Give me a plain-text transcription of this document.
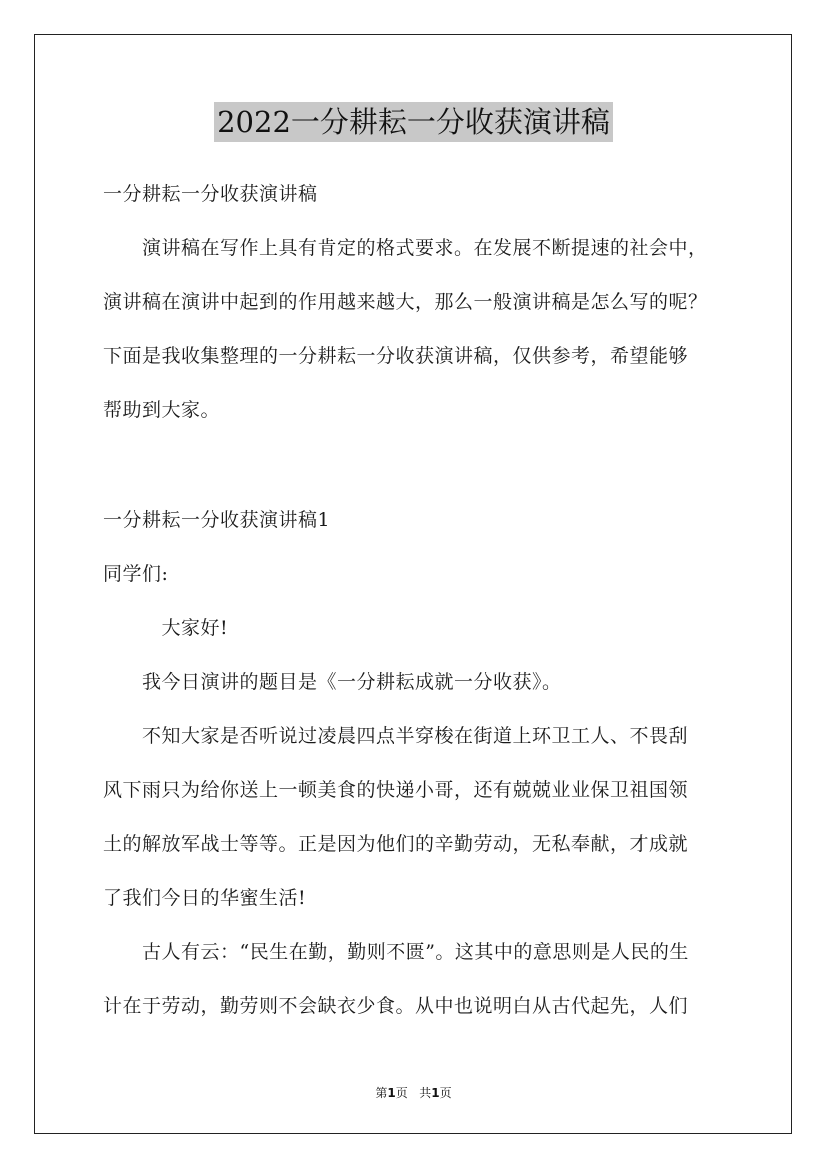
2022一分耕耘一分收获演讲稿
一分耕耘一分收获演讲稿
　　演讲稿在写作上具有肯定的格式要求。在发展不断提速的社会中，
演讲稿在演讲中起到的作用越来越大，那么一般演讲稿是怎么写的呢？
下面是我收集整理的一分耕耘一分收获演讲稿，仅供参考，希望能够
帮助到大家。
一分耕耘一分收获演讲稿1
同学们:
　　　大家好!
　　我今日演讲的题目是《一分耕耘成就一分收获》。
　　不知大家是否听说过凌晨四点半穿梭在街道上环卫工人、不畏刮
风下雨只为给你送上一顿美食的快递小哥，还有兢兢业业保卫祖国领
土的解放军战士等等。正是因为他们的辛勤劳动，无私奉献，才成就
了我们今日的华蜜生活!
　　古人有云：“民生在勤，勤则不匮”。这其中的意思则是人民的生
计在于劳动，勤劳则不会缺衣少食。从中也说明白从古代起先，人们
第1页 共1页
